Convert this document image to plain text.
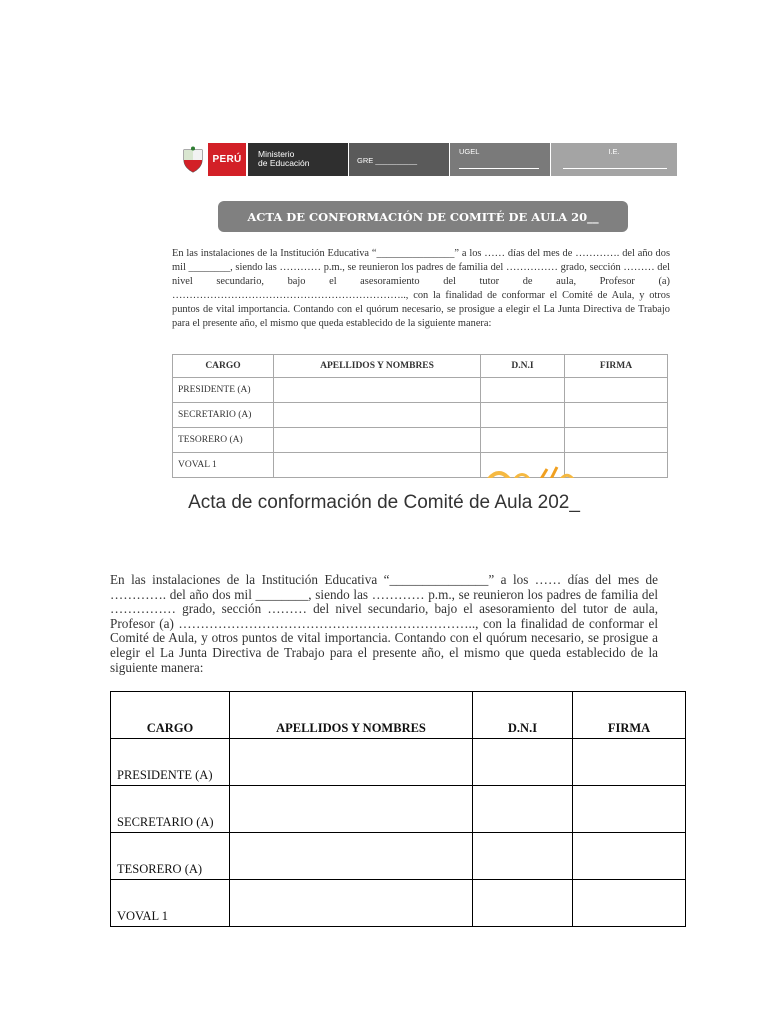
PERÚ	Ministerio
de Educación	GRE __________
UGEL	I.E.
ACTA DE CONFORMACIÓN DE COMITÉ DE AULA 20__
En las instalaciones de la Institución Educativa “_______________” a los …… días del mes de …………. del año dos mil ________, siendo las ………… p.m., se reunieron los padres de familia del …………… grado, sección ……… del nivel secundario, bajo el asesoramiento del tutor de aula, Profesor (a) ………………………………………………………….., con la finalidad de conformar el Comité de Aula, y otros puntos de vital importancia. Contando con el quórum necesario, se prosigue a elegir el La Junta Directiva de Trabajo para el presente año, el mismo que queda establecido de la siguiente manera:
CARGO	APELLIDOS Y NOMBRES	D.N.I	FIRMA
PRESIDENTE (A)			
SECRETARIO (A)			
TESORERO (A)			
VOVAL 1			
Acta de conformación de Comité de Aula 202_
En las instalaciones de la Institución Educativa “_______________” a los …… días del mes de …………. del año dos mil ________, siendo las ………… p.m., se reunieron los padres de familia del …………… grado, sección ……… del nivel secundario, bajo el asesoramiento del tutor de aula, Profesor (a) ………………………………………………………….., con la finalidad de conformar el Comité de Aula, y otros puntos de vital importancia. Contando con el quórum necesario, se prosigue a elegir el La Junta Directiva de Trabajo para el presente año, el mismo que queda establecido de la siguiente manera:
CARGO	APELLIDOS Y NOMBRES	D.N.I	FIRMA
PRESIDENTE (A)			
SECRETARIO (A)			
TESORERO (A)			
VOVAL 1			
